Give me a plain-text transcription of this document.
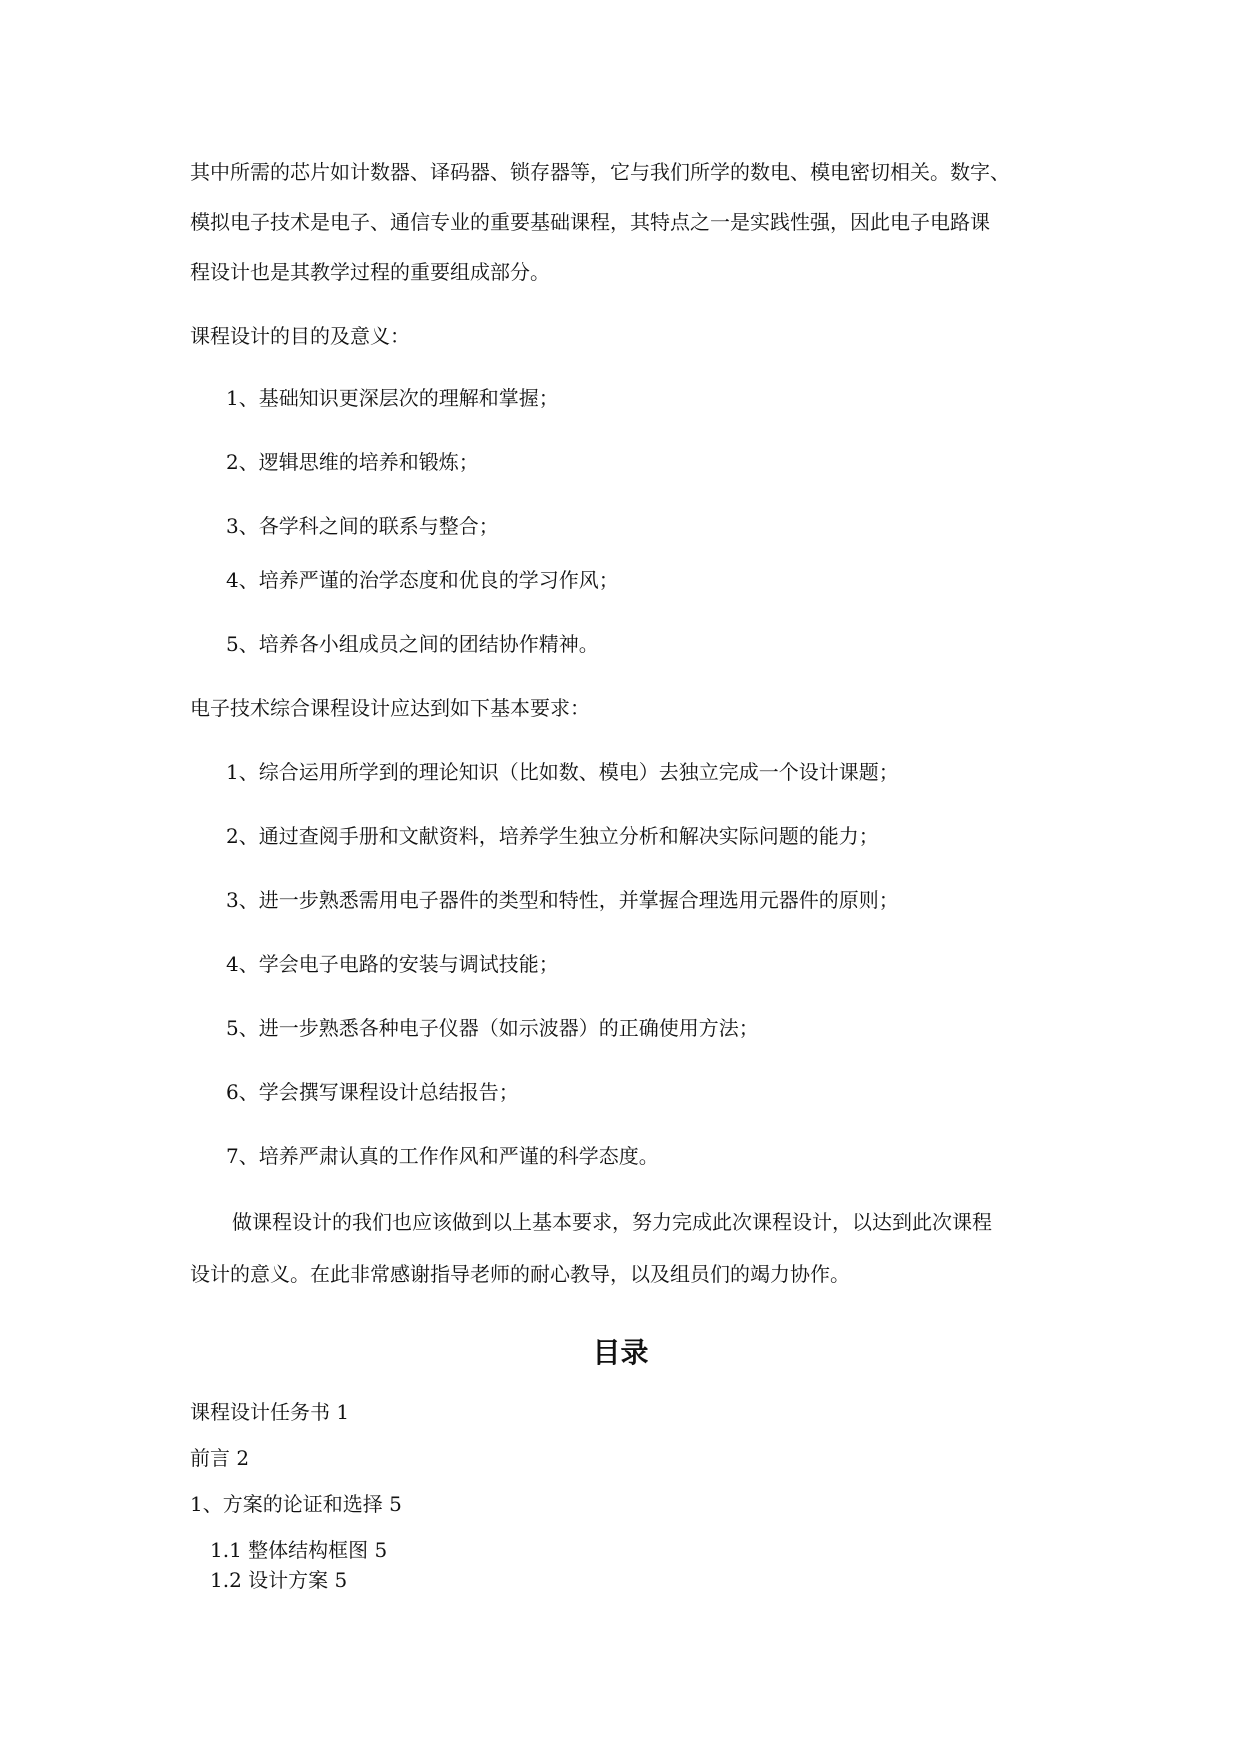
其中所需的芯片如计数器、译码器、锁存器等，它与我们所学的数电、模电密切相关。数字、
模拟电子技术是电子、通信专业的重要基础课程，其特点之一是实践性强，因此电子电路课
程设计也是其教学过程的重要组成部分。
课程设计的目的及意义：
1、基础知识更深层次的理解和掌握；
2、逻辑思维的培养和锻炼；
3、各学科之间的联系与整合；
4、培养严谨的治学态度和优良的学习作风；
5、培养各小组成员之间的团结协作精神。
电子技术综合课程设计应达到如下基本要求：
1、综合运用所学到的理论知识（比如数、模电）去独立完成一个设计课题；
2、通过查阅手册和文献资料，培养学生独立分析和解决实际问题的能力；
3、进一步熟悉需用电子器件的类型和特性，并掌握合理选用元器件的原则；
4、学会电子电路的安装与调试技能；
5、进一步熟悉各种电子仪器（如示波器）的正确使用方法；
6、学会撰写课程设计总结报告；
7、培养严肃认真的工作作风和严谨的科学态度。
做课程设计的我们也应该做到以上基本要求，努力完成此次课程设计，以达到此次课程
设计的意义。在此非常感谢指导老师的耐心教导，以及组员们的竭力协作。
目录
课程设计任务书 1
前言 2
1、方案的论证和选择 5
1.1 整体结构框图 5
1.2 设计方案 5
